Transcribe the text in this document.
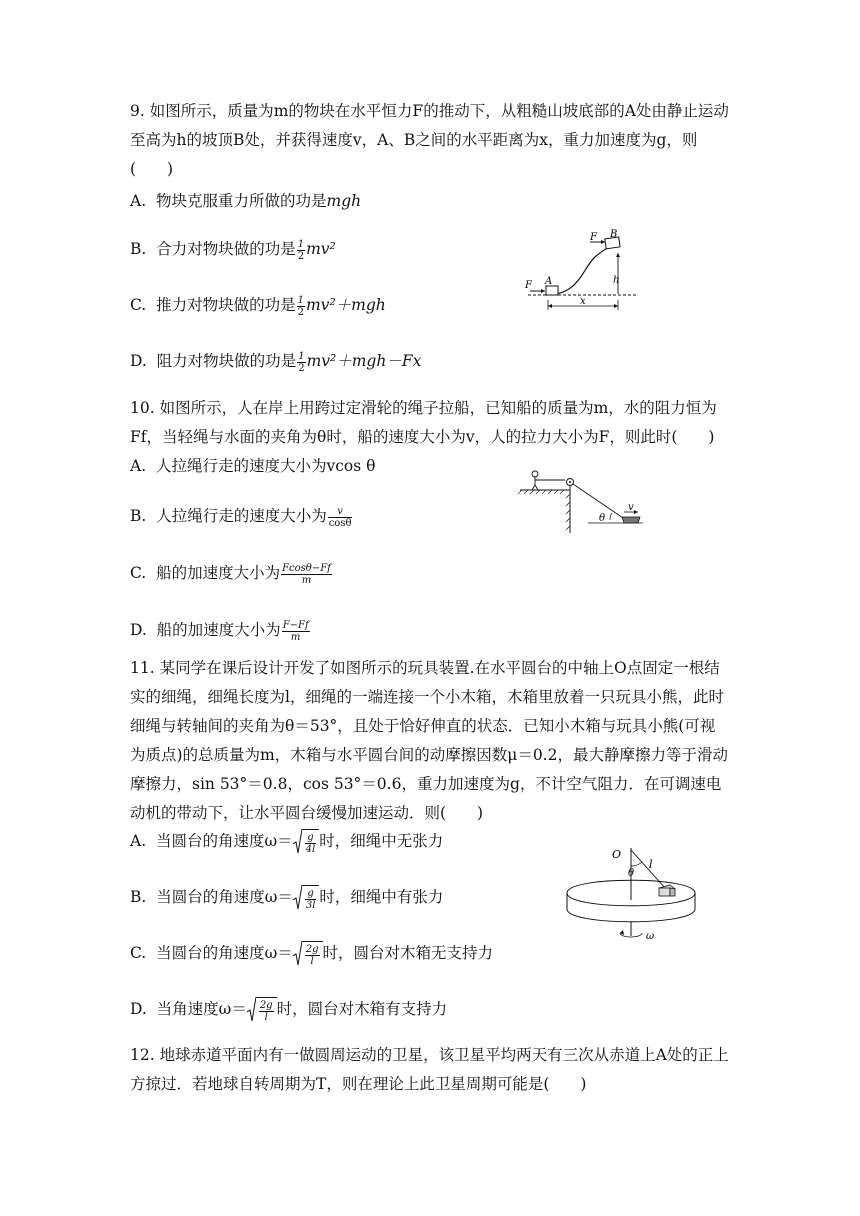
9. 如图所示，质量为m的物块在水平恒力F的推动下，从粗糙山坡底部的A处由静止运动至高为h的坡顶B处，并获得速度v，A、B之间的水平距离为x，重力加速度为g，则(　　)
A. 物块克服重力所做的功是mgh
B. 合力对物块做的功是 $\frac{1}{2} mv^2$
C. 推力对物块做的功是 $\frac{1}{2} mv^2+mgh$
D. 阻力对物块做的功是 $\frac{1}{2} mv^2+mgh-Fx$
F B
F A	h
x
10. 如图所示，人在岸上用跨过定滑轮的绳子拉船，已知船的质量为m，水的阻力恒为Ff，当轻绳与水面的夹角为θ时，船的速度大小为v，人的拉力大小为F，则此时(　　)
A. 人拉绳行走的速度大小为vcos θ
B. 人拉绳行走的速度大小为 $\frac{v}{\cos\theta}$
C. 船的加速度大小为 $\frac{Fcos\theta-Ff}{m}$
D. 船的加速度大小为 $\frac{F-Ff}{m}$
θ
v
11. 某同学在课后设计开发了如图所示的玩具装置.在水平圆台的中轴上O点固定一根结实的细绳，细绳长度为l，细绳的一端连接一个小木箱，木箱里放着一只玩具小熊，此时细绳与转轴间的夹角为θ＝53°，且处于恰好伸直的状态．已知小木箱与玩具小熊(可视为质点)的总质量为m，木箱与水平圆台间的动摩擦因数μ＝0.2，最大静摩擦力等于滑动摩擦力，sin 53°＝0.8，cos 53°＝0.6，重力加速度为g，不计空气阻力．在可调速电动机的带动下，让水平圆台缓慢加速运动．则(　　)
A. 当圆台的角速度$\omega= \frac{g}{4l}$ 时，细绳中无张力
B. 当圆台的角速度$\omega= \frac{g}{3l}$ 时，细绳中有张力
C. 当圆台的角速度$\omega= \frac{2g}{l}$ 时，圆台对木箱无支持力
D. 当角速度$\omega= \frac{2g}{l}$ 时，圆台对木箱有支持力
O
l
θ
ω
12. 地球赤道平面内有一做圆周运动的卫星，该卫星平均两天有三次从赤道上A处的正上方掠过．若地球自转周期为T，则在理论上此卫星周期可能是(　　)
